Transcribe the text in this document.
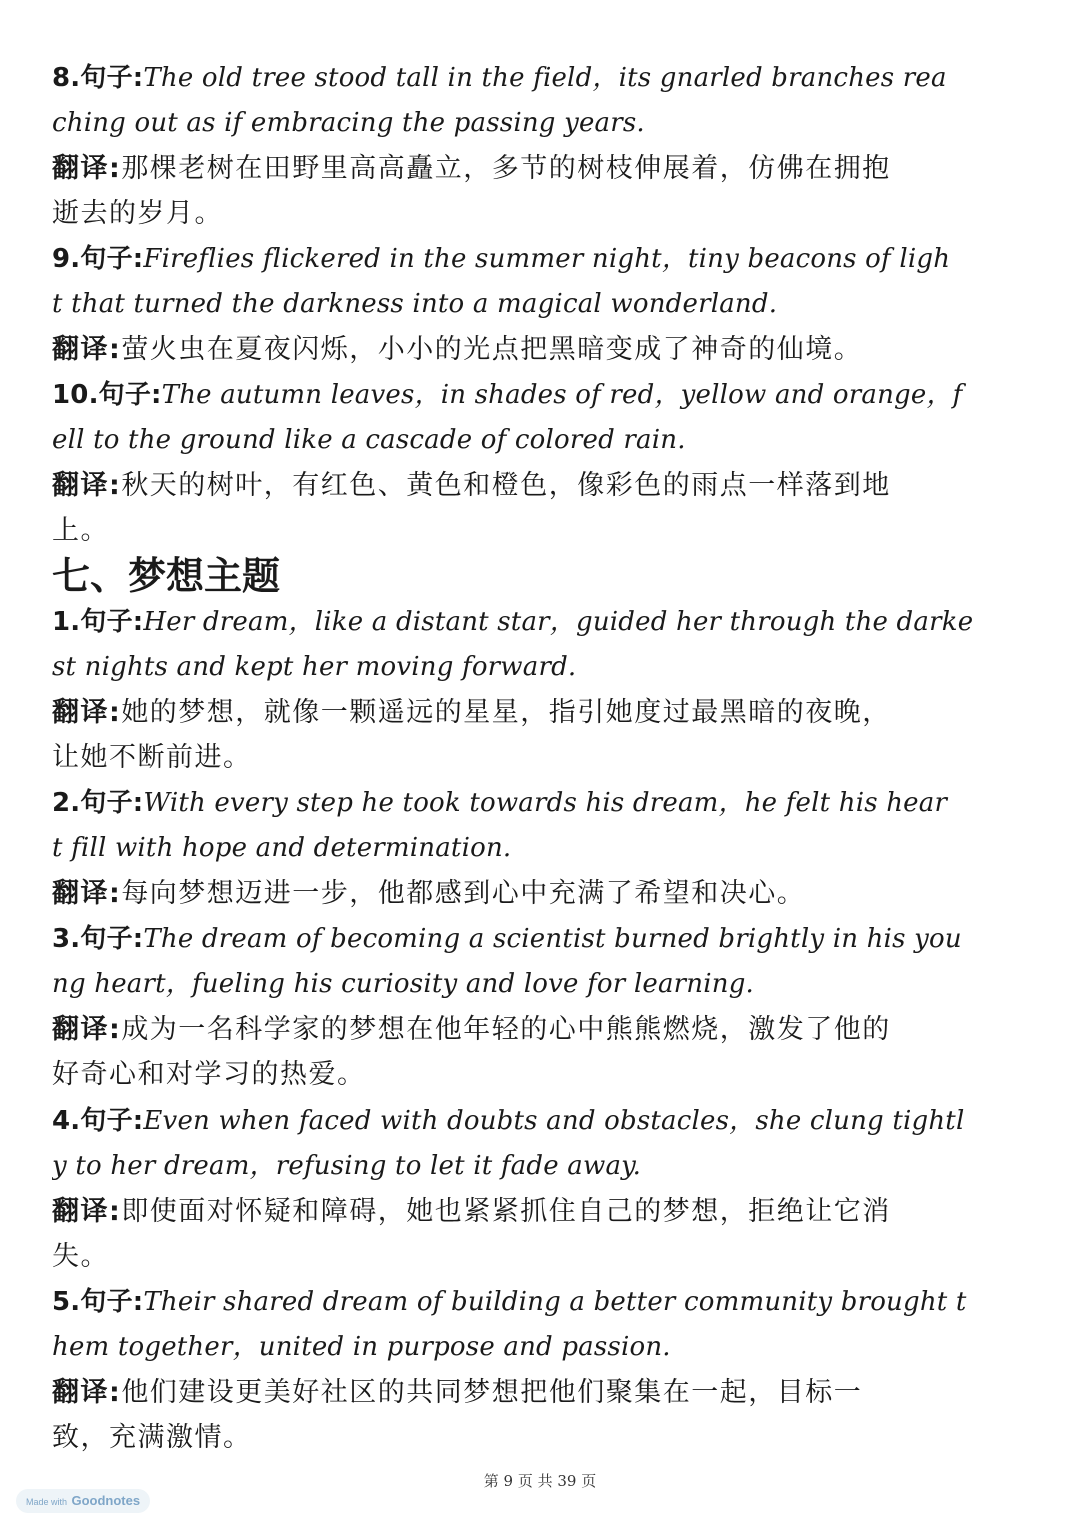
七、梦想主题
第 9 页 共 39 页
Made with Goodnotes
8.句子:The old tree stood tall in the field，its gnarled branches rea
ching out as if embracing the passing years.
翻译:那棵老树在田野里高高矗立，多节的树枝伸展着，仿佛在拥抱
逝去的岁月。
9.句子:Fireflies flickered in the summer night，tiny beacons of ligh
t that turned the darkness into a magical wonderland.
翻译:萤火虫在夏夜闪烁，小小的光点把黑暗变成了神奇的仙境。
10.句子:The autumn leaves，in shades of red，yellow and orange，f
ell to the ground like a cascade of colored rain.
翻译:秋天的树叶，有红色、黄色和橙色，像彩色的雨点一样落到地
上。
1.句子:Her dream，like a distant star，guided her through the darke
st nights and kept her moving forward.
翻译:她的梦想，就像一颗遥远的星星，指引她度过最黑暗的夜晚，
让她不断前进。
2.句子:With every step he took towards his dream，he felt his hear
t fill with hope and determination.
翻译:每向梦想迈进一步，他都感到心中充满了希望和决心。
3.句子:The dream of becoming a scientist burned brightly in his you
ng heart，fueling his curiosity and love for learning.
翻译:成为一名科学家的梦想在他年轻的心中熊熊燃烧，激发了他的
好奇心和对学习的热爱。
4.句子:Even when faced with doubts and obstacles，she clung tightl
y to her dream，refusing to let it fade away.
翻译:即使面对怀疑和障碍，她也紧紧抓住自己的梦想，拒绝让它消
失。
5.句子:Their shared dream of building a better community brought t
hem together，united in purpose and passion.
翻译:他们建设更美好社区的共同梦想把他们聚集在一起，目标一
致，充满激情。
